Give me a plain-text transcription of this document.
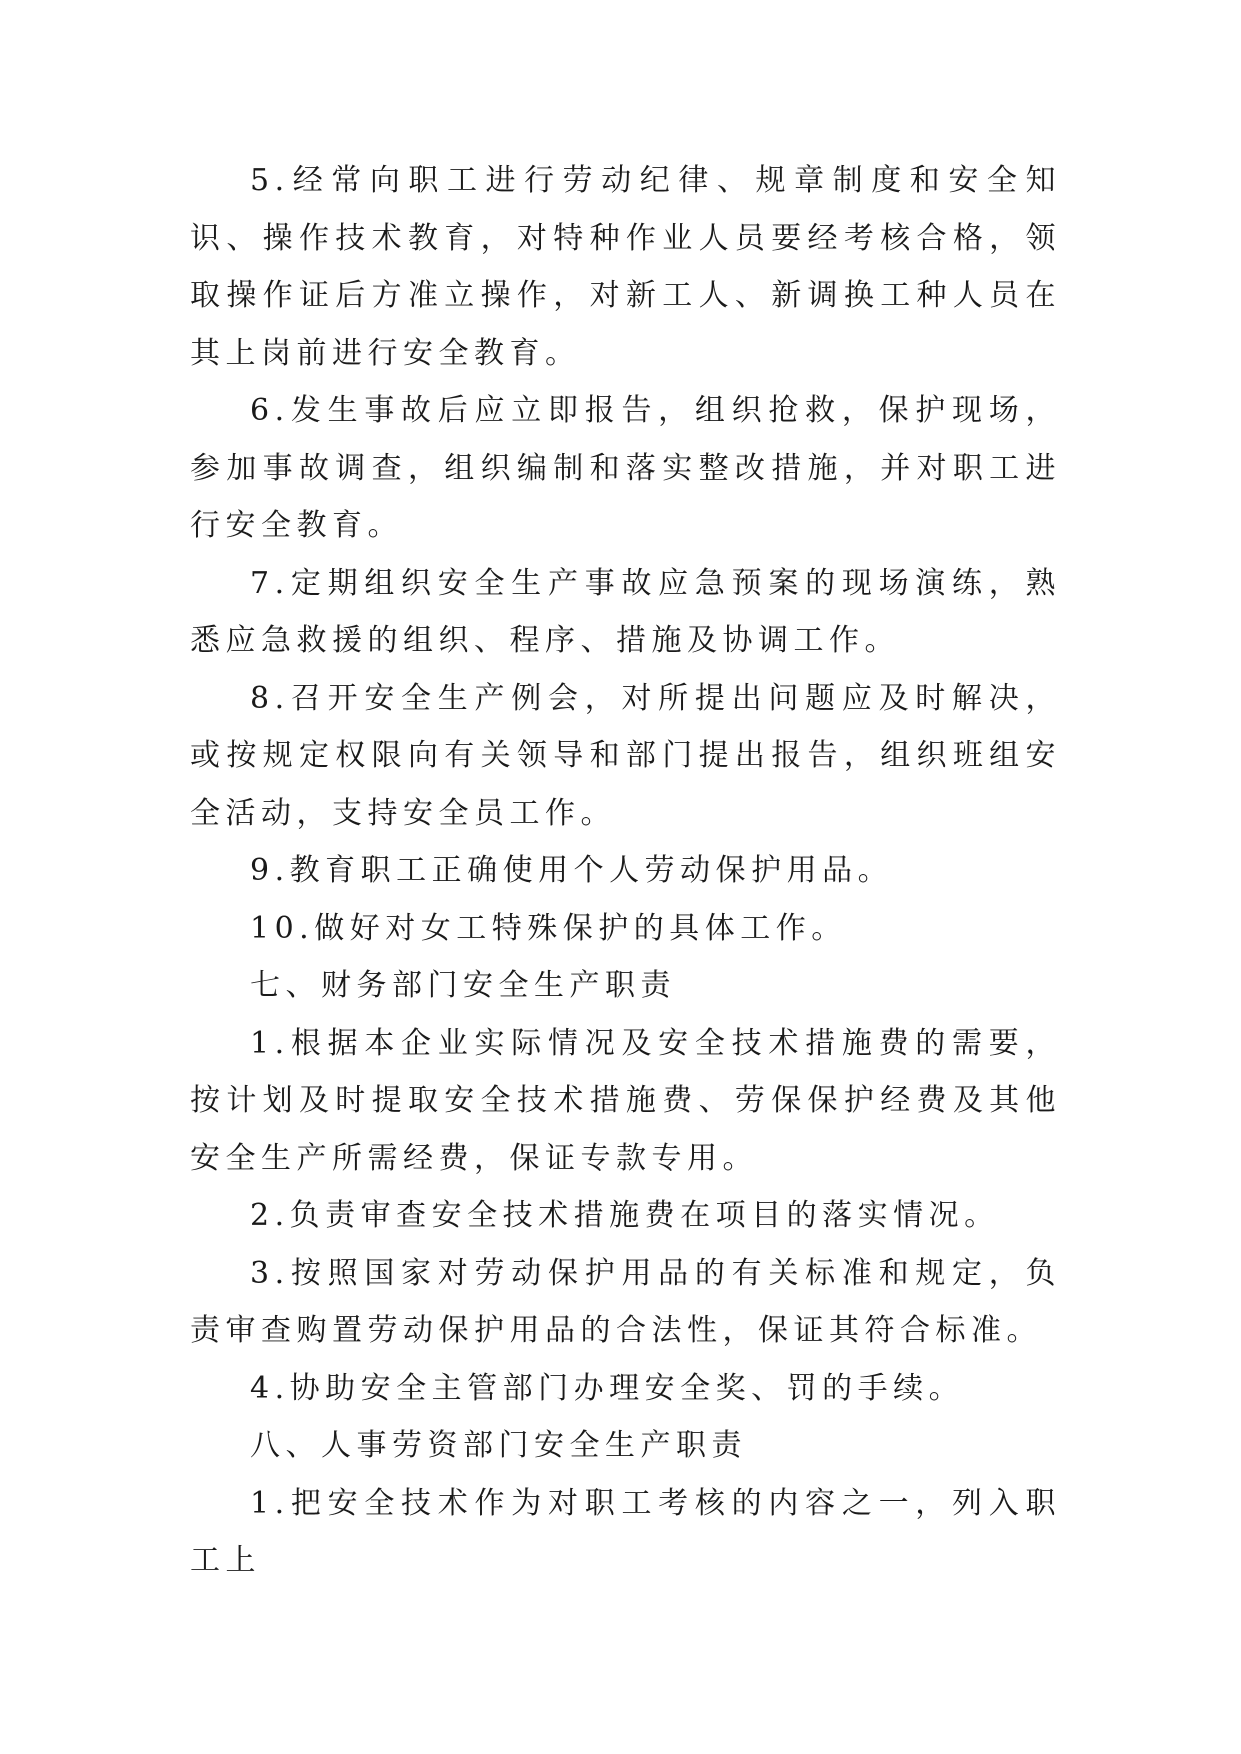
5.经常向职工进行劳动纪律、规章制度和安全知识、操作技术教育，对特种作业人员要经考核合格，领取操作证后方准立操作，对新工人、新调换工种人员在其上岗前进行安全教育。

6.发生事故后应立即报告，组织抢救，保护现场，参加事故调查，组织编制和落实整改措施，并对职工进行安全教育。

7.定期组织安全生产事故应急预案的现场演练，熟悉应急救援的组织、程序、措施及协调工作。

8.召开安全生产例会，对所提出问题应及时解决，或按规定权限向有关领导和部门提出报告，组织班组安全活动，支持安全员工作。

9.教育职工正确使用个人劳动保护用品。

10.做好对女工特殊保护的具体工作。

七、财务部门安全生产职责

1.根据本企业实际情况及安全技术措施费的需要，按计划及时提取安全技术措施费、劳保保护经费及其他安全生产所需经费，保证专款专用。

2.负责审查安全技术措施费在项目的落实情况。

3.按照国家对劳动保护用品的有关标准和规定，负责审查购置劳动保护用品的合法性，保证其符合标准。

4.协助安全主管部门办理安全奖、罚的手续。

八、人事劳资部门安全生产职责

1.把安全技术作为对职工考核的内容之一，列入职工上
